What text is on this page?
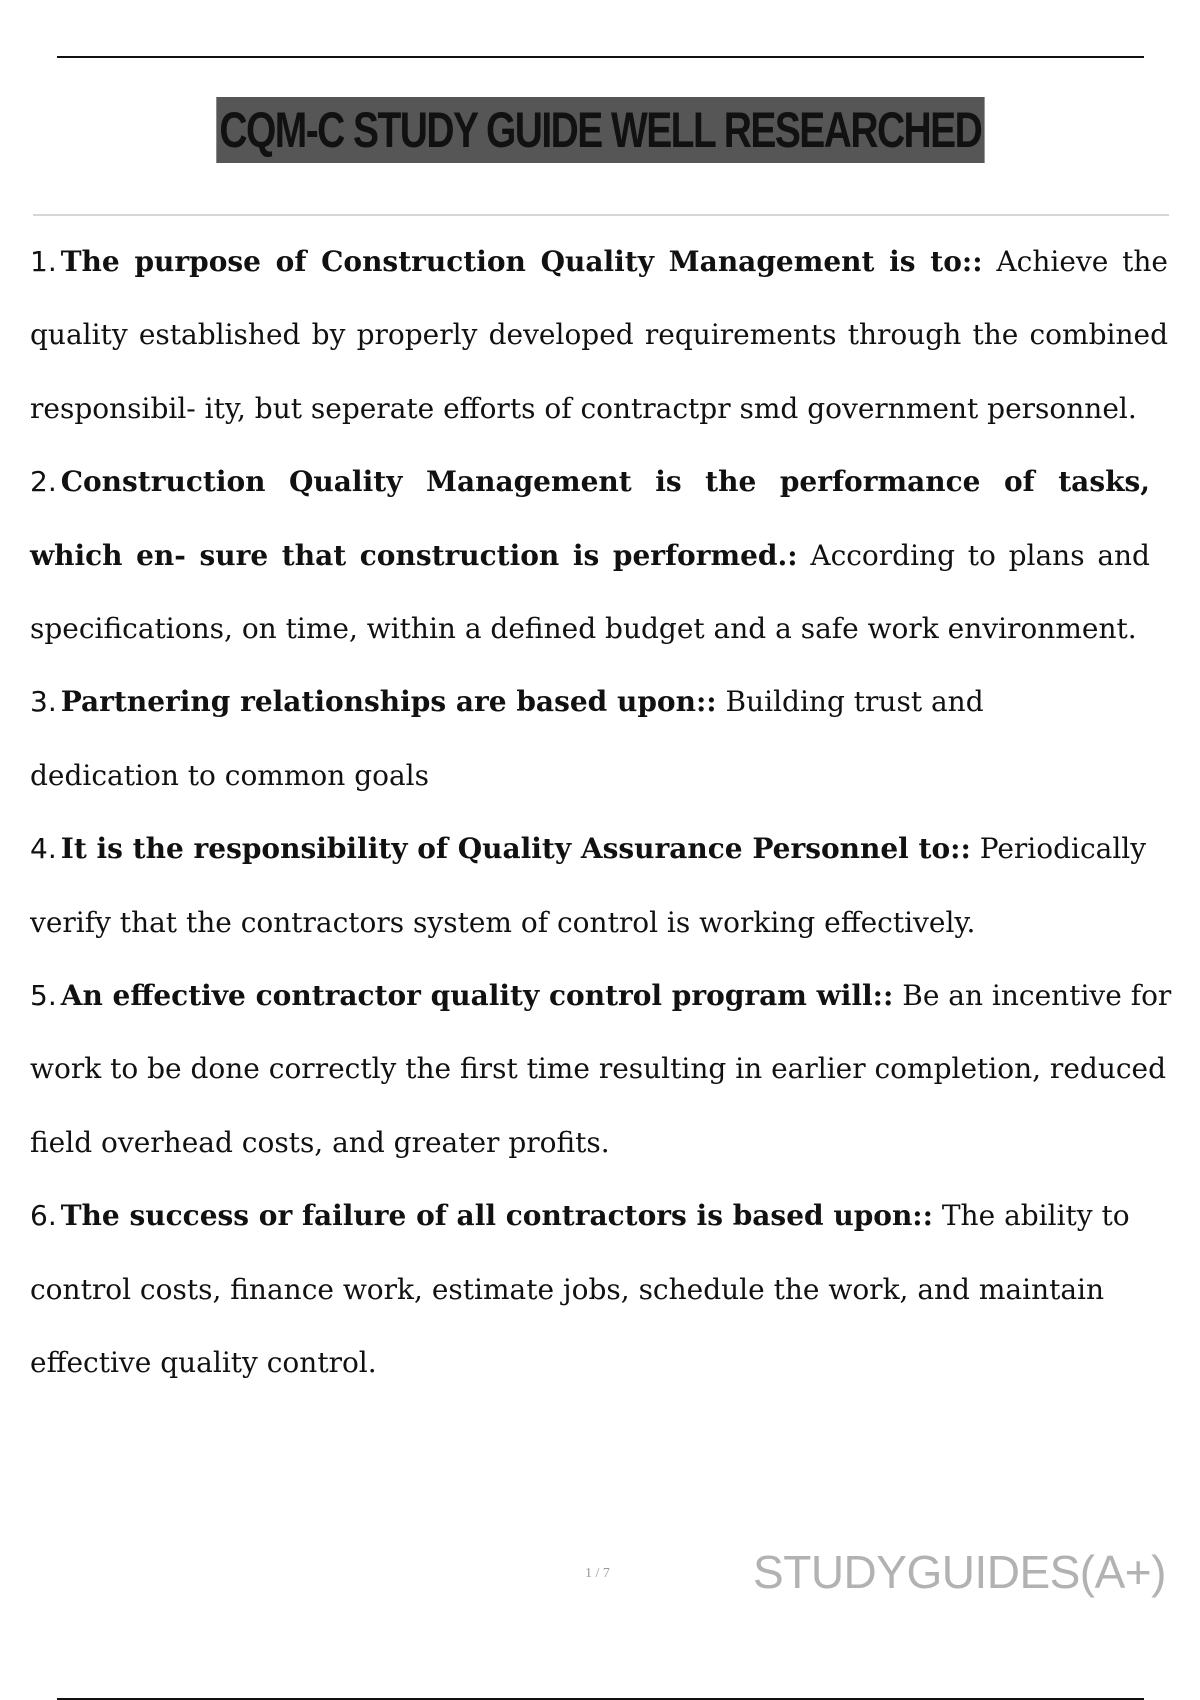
CQM-C STUDY GUIDE WELL RESEARCHED

1. The purpose of Construction Quality Management is to:: Achieve the quality established by properly developed requirements through the combined responsibil- ity, but seperate efforts of contractpr smd government personnel.

2. Construction Quality Management is the performance of tasks, which en- sure that construction is performed.: According to plans and specifications, on time, within a defined budget and a safe work environment.

3. Partnering relationships are based upon:: Building trust and dedication to common goals

4. It is the responsibility of Quality Assurance Personnel to:: Periodically verify that the contractors system of control is working effectively.

5. An effective contractor quality control program will:: Be an incentive for work to be done correctly the first time resulting in earlier completion, reduced field overhead costs, and greater profits.

6. The success or failure of all contractors is based upon:: The ability to control costs, finance work, estimate jobs, schedule the work, and maintain effective quality control.

1 / 7	STUDYGUIDES(A+)
